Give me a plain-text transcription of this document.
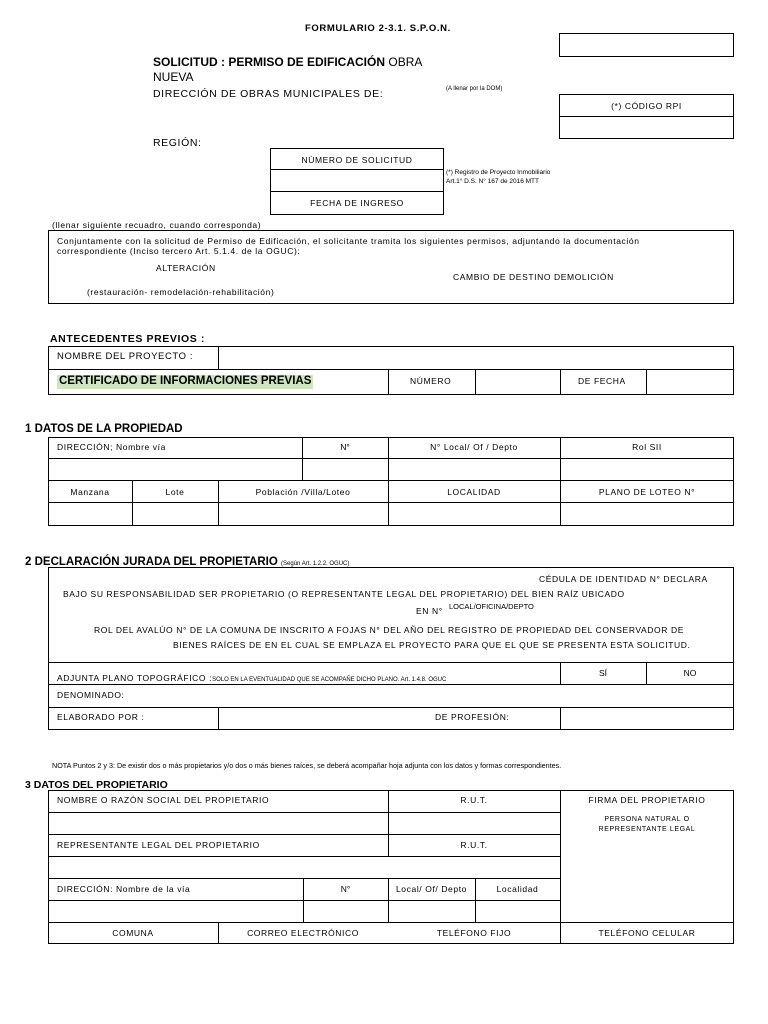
FORMULARIO 2-3.1. S.P.O.N.
SOLICITUD : PERMISO DE EDIFICACIÓN OBRA
NUEVA
DIRECCIÓN DE OBRAS MUNICIPALES DE:	(A llenar por la DOM)
(*) CÓDIGO RPI
REGIÓN:
NÚMERO DE SOLICITUD
FECHA DE INGRESO
(*) Registro de Proyecto Inmobiliario
Art.1° D.S. N° 167 de 2016 MTT
(llenar siguiente recuadro, cuando corresponda)
Conjuntamente con la solicitud de Permiso de Edificación, el solicitante tramita los siguientes permisos, adjuntando la documentación
correspondiente (Inciso tercero Art. 5.1.4. de la OGUC):
ALTERACIÓN
CAMBIO DE DESTINO DEMOLICIÓN
(restauración- remodelación-rehabilitación)
ANTECEDENTES PREVIOS :
NOMBRE DEL PROYECTO :
CERTIFICADO DE INFORMACIONES PREVIAS	NÚMERO	DE FECHA
1 DATOS DE LA PROPIEDAD
DIRECCIÓN; Nombre vía	N°	N° Local/ Of / Depto	Rol SII
Manzana	Lote	Población /Villa/Loteo	LOCALIDAD	PLANO DE LOTEO N°
2 DECLARACIÓN JURADA DEL PROPIETARIO (Según Art. 1.2.2. OGUC)
CÉDULA DE IDENTIDAD N° DECLARA
BAJO SU RESPONSABILIDAD SER PROPIETARIO (O REPRESENTANTE LEGAL DEL PROPIETARIO) DEL BIEN RAÍZ UBICADO
EN N° LOCAL/OFICINA/DEPTO
ROL DEL AVALÚO N° DE LA COMUNA DE INSCRITO A FOJAS N° DEL AÑO DEL REGISTRO DE PROPIEDAD DEL CONSERVADOR DE
BIENES RAÍCES DE EN EL CUAL SE EMPLAZA EL PROYECTO PARA QUE EL QUE SE PRESENTA ESTA SOLICITUD.
ADJUNTA PLANO TOPOGRÁFICO :SOLO EN LA EVENTUALIDAD QUE SE ACOMPAÑE DICHO PLANO. Art. 1.4.8. OGUC
SÍ	NO
DENOMINADO:
ELABORADO POR :	DE PROFESIÓN:
NOTA Puntos 2 y 3: De existir dos o más propietarios y/o dos o más bienes raíces, se deberá acompañar hoja adjunta con los datos y formas correspondientes.
3 DATOS DEL PROPIETARIO
NOMBRE O RAZÓN SOCIAL DEL PROPIETARIO	R.U.T.	FIRMA DEL PROPIETARIO
PERSONA NATURAL O
REPRESENTANTE LEGAL
REPRESENTANTE LEGAL DEL PROPIETARIO	R.U.T.
DIRECCIÓN: Nombre de la vía	N°	Local/ Of/ Depto	Localidad
COMUNA	CORREO ELECTRÓNICO	TELÉFONO FIJO	TELÉFONO CELULAR
